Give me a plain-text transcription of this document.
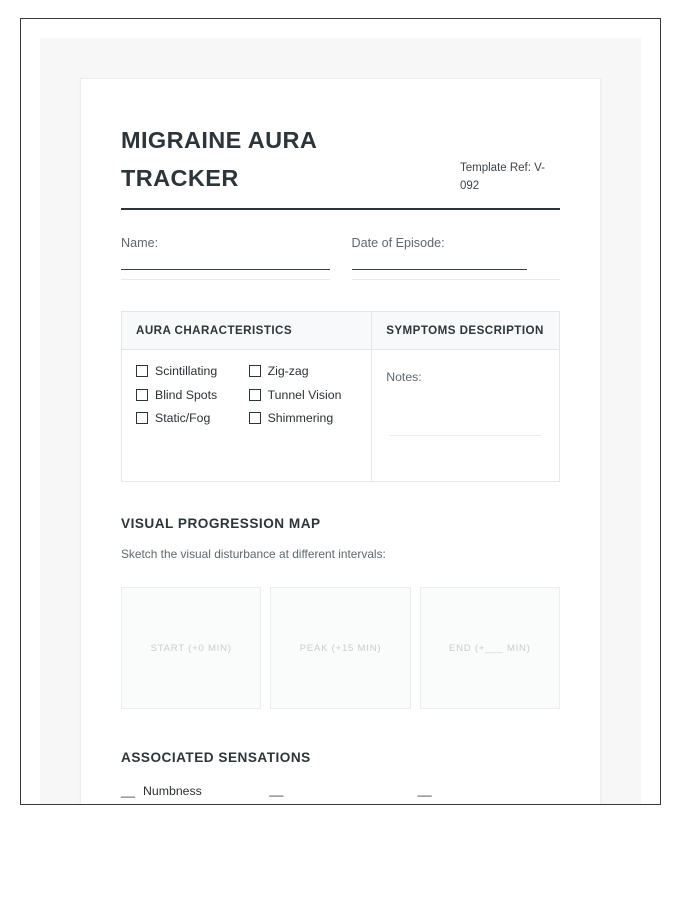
MIGRAINE AURA TRACKER	Template Ref: V-092
Name:	Date of Episode:
AURA CHARACTERISTICS	SYMPTOMS DESCRIPTION

Scintillating	Zig-zag
Blind Spots	Tunnel Vision
Static/Fog	Shimmering

Notes:
VISUAL PROGRESSION MAP
Sketch the visual disturbance at different intervals:
START (+0 MIN)	PEAK (+15 MIN)	END (+___ MIN)
ASSOCIATED SENSATIONS
__ Numbness	__	__
